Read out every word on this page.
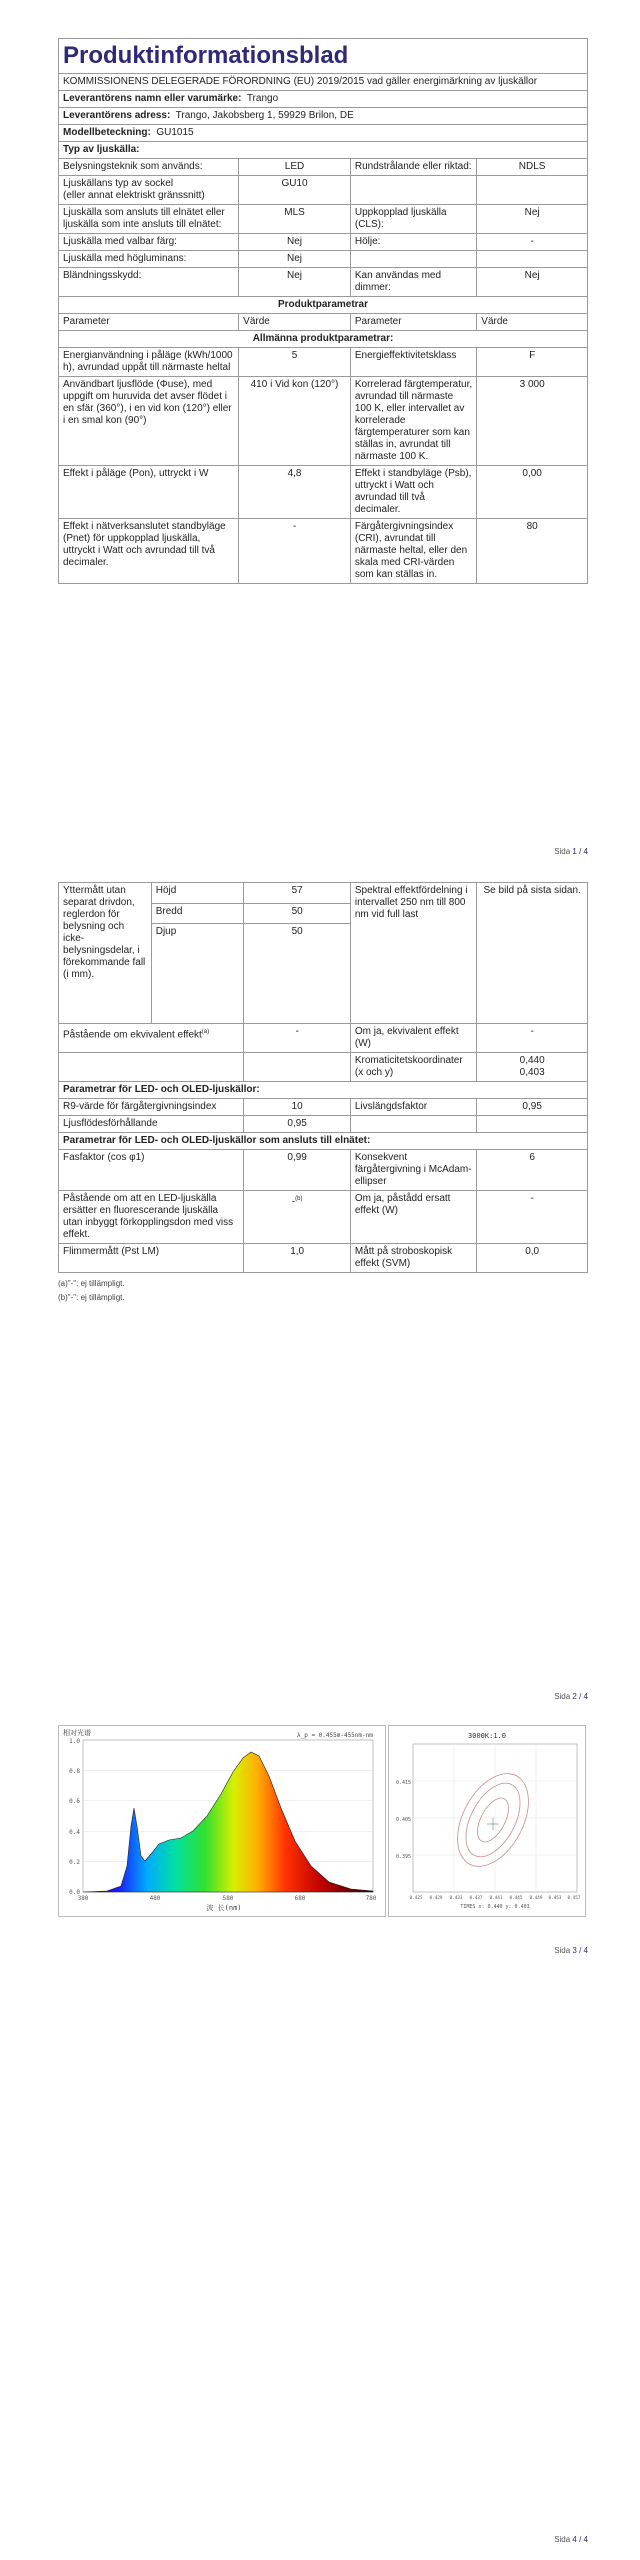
Produktinformationsblad			
KOMMISSIONENS DELEGERADE FÖRORDNING (EU) 2019/2015 vad gäller energimärkning av ljuskällor			
Leverantörens namn eller varumärke: Trango			
Leverantörens adress: Trango, Jakobsberg 1, 59929 Brilon, DE			
Modellbeteckning: GU1015			
Typ av ljuskälla:			
Belysningsteknik som används:	LED	Rundstrålande eller riktad:	NDLS
Ljuskällans typ av sockel
(eller annat elektriskt gränssnitt)	GU10		
Ljuskälla som ansluts till elnätet eller ljuskälla som inte ansluts till elnätet:	MLS	Uppkopplad ljuskälla (CLS):	Nej
Ljuskälla med valbar färg:	Nej	Hölje:	-
Ljuskälla med högluminans:	Nej		
Bländningsskydd:	Nej	Kan användas med dimmer:	Nej
Produktparametrar			
Parameter	Värde	Parameter	Värde
Allmänna produktparametrar:			
Energianvändning i påläge (kWh/1000 h), avrundad uppåt till närmaste heltal	5	Energieffektivitetsklass	F
Användbart ljusflöde (Φuse), med uppgift om huruvida det avser flödet i en sfär (360°), i en vid kon (120°) eller i en smal kon (90°)	410 i Vid kon (120°)	Korrelerad färgtemperatur, avrundad till närmaste 100 K, eller intervallet av korrelerade färgtemperaturer som kan ställas in, avrundat till närmaste 100 K.	3 000
Effekt i påläge (Pon), uttryckt i W	4,8	Effekt i standbyläge (Psb), uttryckt i Watt och avrundad till två decimaler.	0,00
Effekt i nätverksanslutet standbyläge (Pnet) för uppkopplad ljuskälla, uttryckt i Watt och avrundad till två decimaler.	-	Färgåtergivningsindex (CRI), avrundat till närmaste heltal, eller den skala med CRI-värden som kan ställas in.	80
Sida 1 / 4
Yttermått utan separat drivdon, reglerdon för belysning och icke-belysningsdelar, i förekommande fall (i mm).	Höjd	57	Spektral effektfördelning i intervallet 250 nm till 800 nm vid full last	Se bild på sista sidan.
	Bredd	50		
	Djup	50		
Påstående om ekvivalent effekt$^{(a)}$		-	Om ja, ekvivalent effekt (W)	-
			Kromaticitetskoordinater (x och y)	0,440
0,403
Parametrar för LED- och OLED-ljuskällor:				
R9-värde för färgåtergivningsindex		10	Livslängdsfaktor	0,95
Ljusflödesförhållande		0,95		
Parametrar för LED- och OLED-ljuskällor som ansluts till elnätet:				
Fasfaktor (cos φ1)		0,99	Konsekvent färgåtergivning i McAdam-ellipser	6
Påstående om att en LED-ljuskälla ersätter en fluorescerande ljuskälla utan inbyggt förkopplingsdon med viss effekt.		-$^{(b)}$	Om ja, påstådd ersatt effekt (W)	-
Flimmermått (Pst LM)		1,0	Mått på stroboskopisk effekt (SVM)	0,0
(a)"-": ej tillämpligt.
(b)"-": ej tillämpligt.
Sida 2 / 4
相对光谱	λ_p = 0.455m-455nm-nm
1.0
0.8
0.6
0.4
0.2
0.0
380	480	580	680	780
波 长(nm)
3000K:1.0
0.415
0.405
0.395
0.425 0.429 0.433 0.437 0.441 0.445 0.449 0.453 0.457
TIMES x: 0.440 y: 0.403
Sida 3 / 4
Sida 4 / 4
